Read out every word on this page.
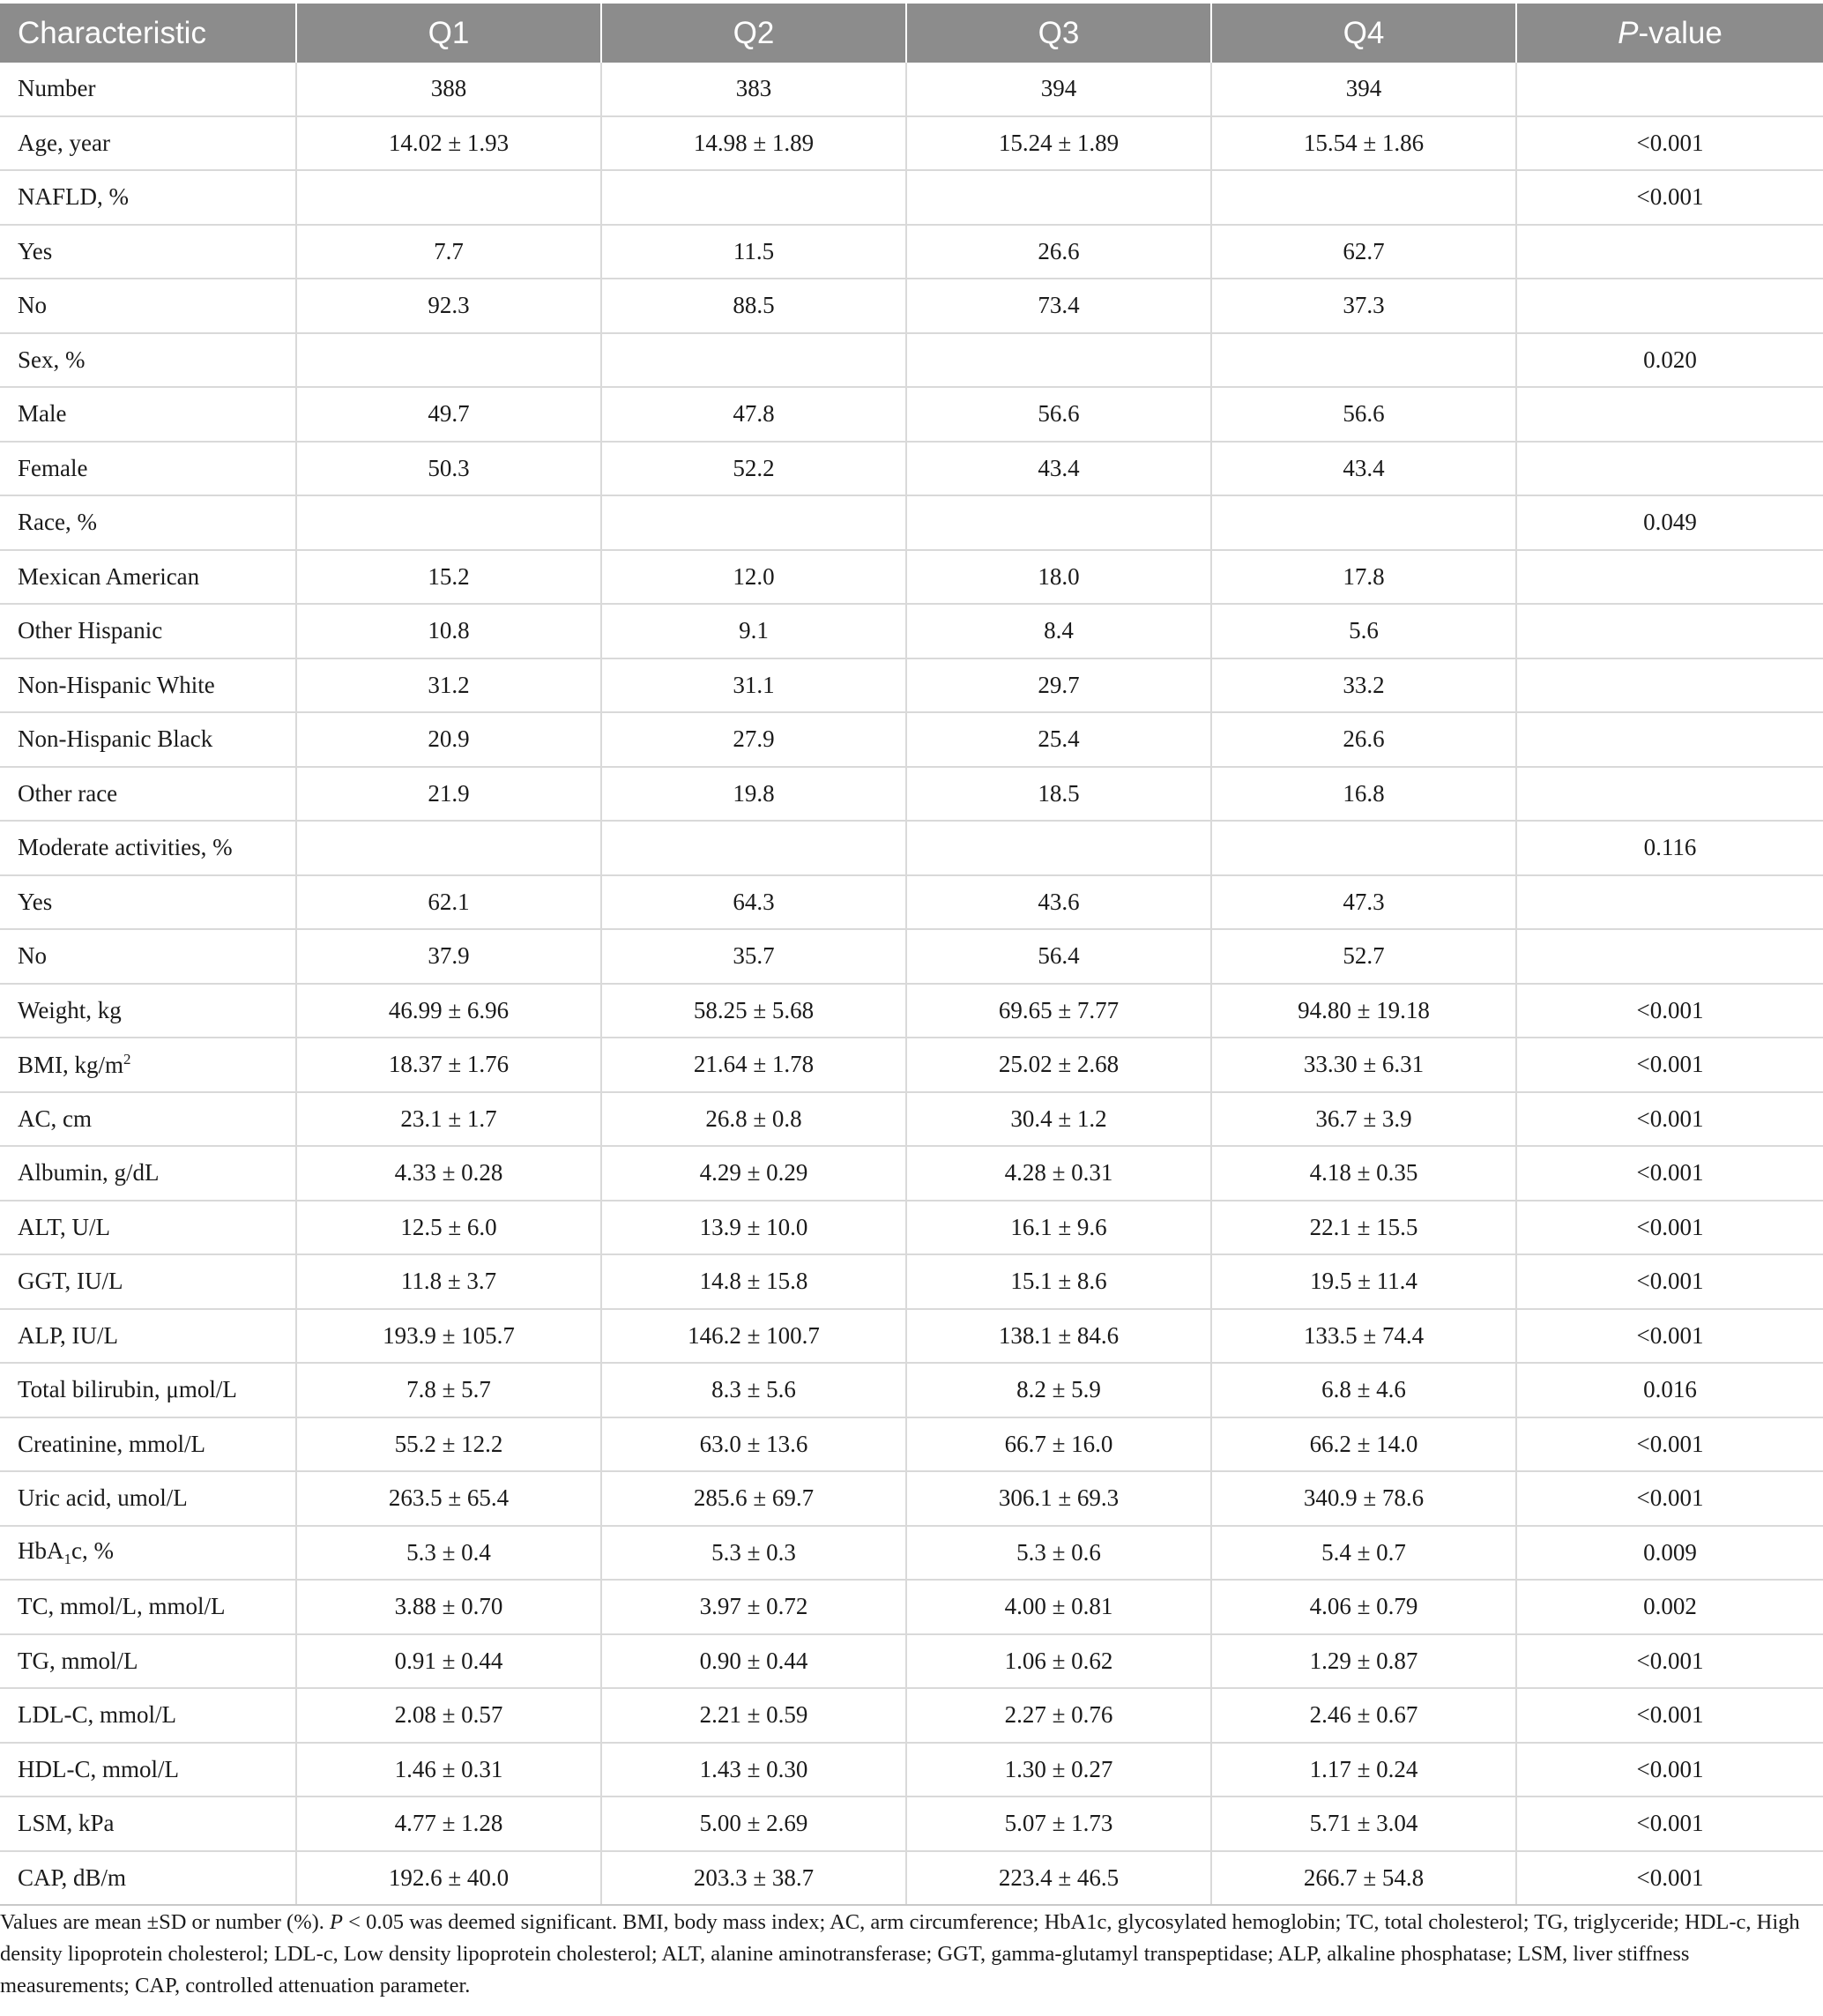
Characteristic	Q1	Q2	Q3	Q4	P-value
Number	388	383	394	394	
Age, year	14.02 ± 1.93	14.98 ± 1.89	15.24 ± 1.89	15.54 ± 1.86	<0.001
NAFLD, %					<0.001
Yes	7.7	11.5	26.6	62.7	
No	92.3	88.5	73.4	37.3	
Sex, %					0.020
Male	49.7	47.8	56.6	56.6	
Female	50.3	52.2	43.4	43.4	
Race, %					0.049
Mexican American	15.2	12.0	18.0	17.8	
Other Hispanic	10.8	9.1	8.4	5.6	
Non-Hispanic White	31.2	31.1	29.7	33.2	
Non-Hispanic Black	20.9	27.9	25.4	26.6	
Other race	21.9	19.8	18.5	16.8	
Moderate activities, %					0.116
Yes	62.1	64.3	43.6	47.3	
No	37.9	35.7	56.4	52.7	
Weight, kg	46.99 ± 6.96	58.25 ± 5.68	69.65 ± 7.77	94.80 ± 19.18	<0.001
BMI, $kg/m^2$	18.37 ± 1.76	21.64 ± 1.78	25.02 ± 2.68	33.30 ± 6.31	<0.001
AC, cm	23.1 ± 1.7	26.8 ± 0.8	30.4 ± 1.2	36.7 ± 3.9	<0.001
Albumin, g/dL	4.33 ± 0.28	4.29 ± 0.29	4.28 ± 0.31	4.18 ± 0.35	<0.001
ALT, U/L	12.5 ± 6.0	13.9 ± 10.0	16.1 ± 9.6	22.1 ± 15.5	<0.001
GGT, IU/L	11.8 ± 3.7	14.8 ± 15.8	15.1 ± 8.6	19.5 ± 11.4	<0.001
ALP, IU/L	193.9 ± 105.7	146.2 ± 100.7	138.1 ± 84.6	133.5 ± 74.4	<0.001
Total bilirubin, μmol/L	7.8 ± 5.7	8.3 ± 5.6	8.2 ± 5.9	6.8 ± 4.6	0.016
Creatinine, mmol/L	55.2 ± 12.2	63.0 ± 13.6	66.7 ± 16.0	66.2 ± 14.0	<0.001
Uric acid, umol/L	263.5 ± 65.4	285.6 ± 69.7	306.1 ± 69.3	340.9 ± 78.6	<0.001
HbA$_1$c, %	5.3 ± 0.4	5.3 ± 0.3	5.3 ± 0.6	5.4 ± 0.7	0.009
TC, mmol/L, mmol/L	3.88 ± 0.70	3.97 ± 0.72	4.00 ± 0.81	4.06 ± 0.79	0.002
TG, mmol/L	0.91 ± 0.44	0.90 ± 0.44	1.06 ± 0.62	1.29 ± 0.87	<0.001
LDL-C, mmol/L	2.08 ± 0.57	2.21 ± 0.59	2.27 ± 0.76	2.46 ± 0.67	<0.001
HDL-C, mmol/L	1.46 ± 0.31	1.43 ± 0.30	1.30 ± 0.27	1.17 ± 0.24	<0.001
LSM, kPa	4.77 ± 1.28	5.00 ± 2.69	5.07 ± 1.73	5.71 ± 3.04	<0.001
CAP, dB/m	192.6 ± 40.0	203.3 ± 38.7	223.4 ± 46.5	266.7 ± 54.8	<0.001

Values are mean ±SD or number (%). P < 0.05 was deemed significant. BMI, body mass index; AC, arm circumference; HbA1c, glycosylated hemoglobin; TC, total cholesterol; TG, triglyceride; HDL-c, High density lipoprotein cholesterol; LDL-c, Low density lipoprotein cholesterol; ALT, alanine aminotransferase; GGT, gamma-glutamyl transpeptidase; ALP, alkaline phosphatase; LSM, liver stiffness measurements; CAP, controlled attenuation parameter.
